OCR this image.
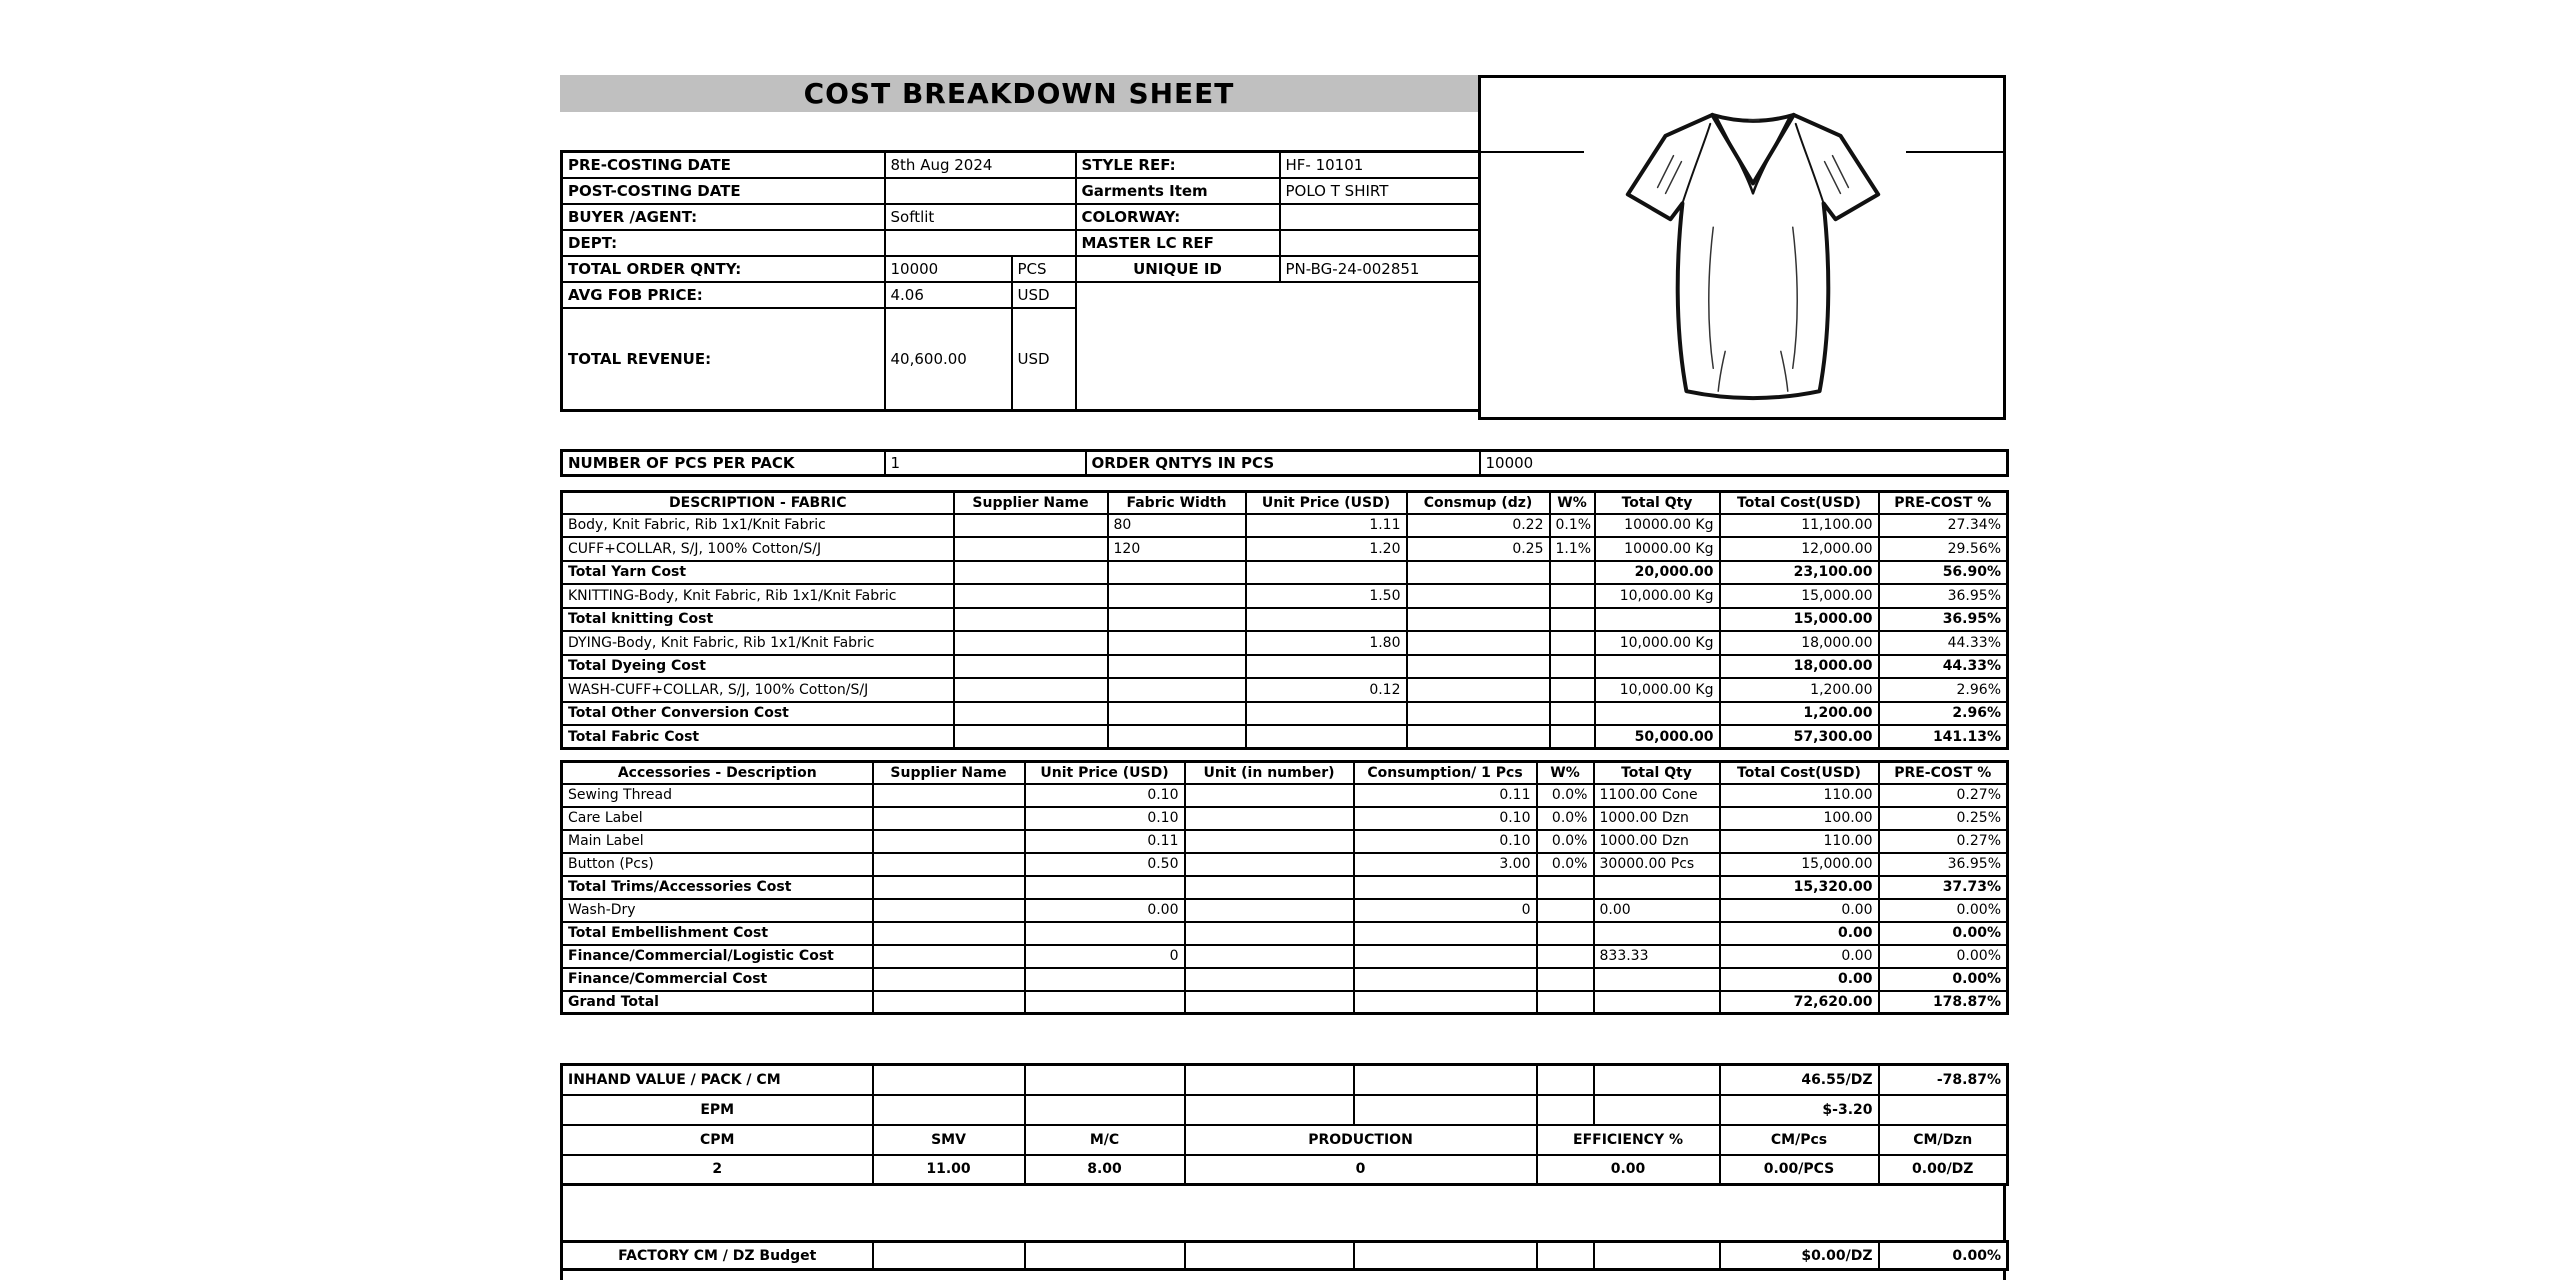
COST BREAKDOWN SHEET
PRE-COSTING DATE	8th Aug 2024		STYLE REF:	HF- 10101
POST-COSTING DATE			Garments Item	POLO T SHIRT
BUYER /AGENT:	Softlit		COLORWAY:	
DEPT:			MASTER LC REF	
TOTAL ORDER QNTY:	10000	PCS	UNIQUE ID	PN-BG-24-002851
AVG FOB PRICE:	4.06	USD		
TOTAL REVENUE:	40,600.00	USD		
NUMBER OF PCS PER PACK	1	ORDER QNTYS IN PCS	10000
DESCRIPTION - FABRIC	Supplier Name	Fabric Width	Unit Price (USD)	Consmup (dz)	W%	Total Qty	Total Cost(USD)	PRE-COST %
Body, Knit Fabric, Rib 1x1/Knit Fabric		80	1.11	0.22	0.1%	10000.00 Kg	11,100.00	27.34%
CUFF+COLLAR, S/J, 100% Cotton/S/J		120	1.20	0.25	1.1%	10000.00 Kg	12,000.00	29.56%
Total Yarn Cost						20,000.00	23,100.00	56.90%
KNITTING-Body, Knit Fabric, Rib 1x1/Knit Fabric			1.50			10,000.00 Kg	15,000.00	36.95%
Total knitting Cost							15,000.00	36.95%
DYING-Body, Knit Fabric, Rib 1x1/Knit Fabric			1.80			10,000.00 Kg	18,000.00	44.33%
Total Dyeing Cost							18,000.00	44.33%
WASH-CUFF+COLLAR, S/J, 100% Cotton/S/J			0.12			10,000.00 Kg	1,200.00	2.96%
Total Other Conversion Cost							1,200.00	2.96%
Total Fabric Cost						50,000.00	57,300.00	141.13%
Accessories - Description	Supplier Name	Unit Price (USD)	Unit (in number)	Consumption/ 1 Pcs	W%	Total Qty	Total Cost(USD)	PRE-COST %
Sewing Thread		0.10		0.11	0.0%	1100.00 Cone	110.00	0.27%
Care Label		0.10		0.10	0.0%	1000.00 Dzn	100.00	0.25%
Main Label		0.11		0.10	0.0%	1000.00 Dzn	110.00	0.27%
Button (Pcs)		0.50		3.00	0.0%	30000.00 Pcs	15,000.00	36.95%
Total Trims/Accessories Cost							15,320.00	37.73%
Wash-Dry		0.00		0		0.00	0.00	0.00%
Total Embellishment Cost							0.00	0.00%
Finance/Commercial/Logistic Cost		0				833.33	0.00	0.00%
Finance/Commercial Cost							0.00	0.00%
Grand Total							72,620.00	178.87%
INHAND VALUE / PACK / CM							46.55/DZ	-78.87%
EPM							$-3.20	
CPM	SMV	M/C	PRODUCTION		EFFICIENCY %		CM/Pcs	CM/Dzn
2	11.00	8.00	0		0.00		0.00/PCS	0.00/DZ
FACTORY CM / DZ Budget							$0.00/DZ	0.00%
